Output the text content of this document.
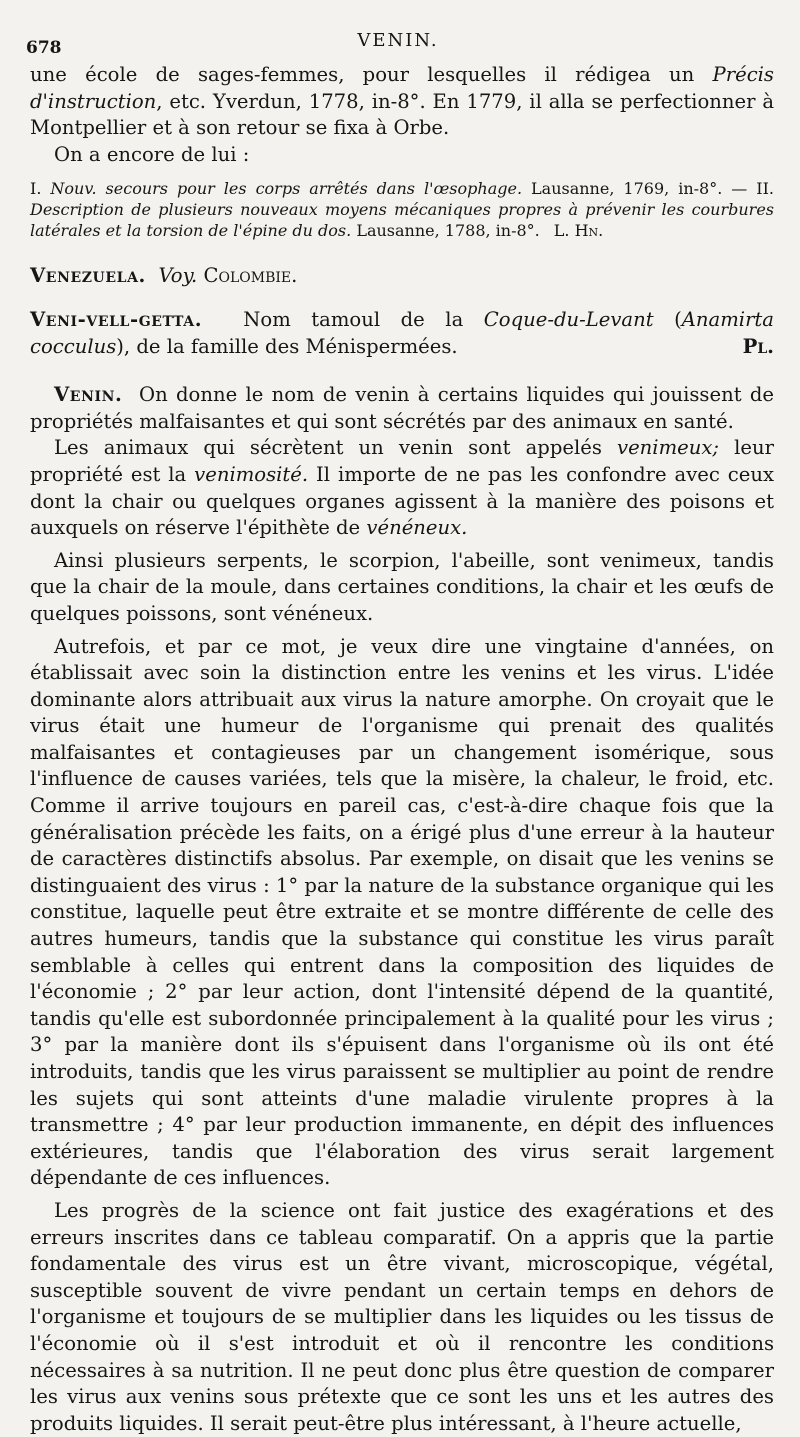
678	VENIN.

une école de sages-femmes, pour lesquelles il rédigea un Précis d'instruction, etc. Yverdun, 1778, in-8°. En 1779, il alla se perfectionner à Montpellier et à son retour se fixa à Orbe.

On a encore de lui :

I. Nouv. secours pour les corps arrêtés dans l'œsophage. Lausanne, 1769, in-8°. — II. Description de plusieurs nouveaux moyens mécaniques propres à prévenir les courbures latérales et la torsion de l'épine du dos. Lausanne, 1788, in-8°. L. Hn.

Venezuela. Voy. Colombie.

Veni-vell-getta. Nom tamoul de la Coque-du-Levant (Anamirta cocculus), de la famille des Ménispermées.	Pl.

Venin. On donne le nom de venin à certains liquides qui jouissent de propriétés malfaisantes et qui sont sécrétés par des animaux en santé.

Les animaux qui sécrètent un venin sont appelés venimeux; leur propriété est la venimosité. Il importe de ne pas les confondre avec ceux dont la chair ou quelques organes agissent à la manière des poisons et auxquels on réserve l'épithète de vénéneux.

Ainsi plusieurs serpents, le scorpion, l'abeille, sont venimeux, tandis que la chair de la moule, dans certaines conditions, la chair et les œufs de quelques poissons, sont vénéneux.

Autrefois, et par ce mot, je veux dire une vingtaine d'années, on établissait avec soin la distinction entre les venins et les virus. L'idée dominante alors attribuait aux virus la nature amorphe. On croyait que le virus était une humeur de l'organisme qui prenait des qualités malfaisantes et contagieuses par un changement isomérique, sous l'influence de causes variées, tels que la misère, la chaleur, le froid, etc. Comme il arrive toujours en pareil cas, c'est-à-dire chaque fois que la généralisation précède les faits, on a érigé plus d'une erreur à la hauteur de caractères distinctifs absolus. Par exemple, on disait que les venins se distinguaient des virus : 1° par la nature de la substance organique qui les constitue, laquelle peut être extraite et se montre différente de celle des autres humeurs, tandis que la substance qui constitue les virus paraît semblable à celles qui entrent dans la composition des liquides de l'économie ; 2° par leur action, dont l'intensité dépend de la quantité, tandis qu'elle est subordonnée principalement à la qualité pour les virus ; 3° par la manière dont ils s'épuisent dans l'organisme où ils ont été introduits, tandis que les virus paraissent se multiplier au point de rendre les sujets qui sont atteints d'une maladie virulente propres à la transmettre ; 4° par leur production immanente, en dépit des influences extérieures, tandis que l'élaboration des virus serait largement dépendante de ces influences.

Les progrès de la science ont fait justice des exagérations et des erreurs inscrites dans ce tableau comparatif. On a appris que la partie fondamentale des virus est un être vivant, microscopique, végétal, susceptible souvent de vivre pendant un certain temps en dehors de l'organisme et toujours de se multiplier dans les liquides ou les tissus de l'économie où il s'est introduit et où il rencontre les conditions nécessaires à sa nutrition. Il ne peut donc plus être question de comparer les virus aux venins sous prétexte que ce sont les uns et les autres des produits liquides. Il serait peut-être plus intéressant, à l'heure actuelle,
